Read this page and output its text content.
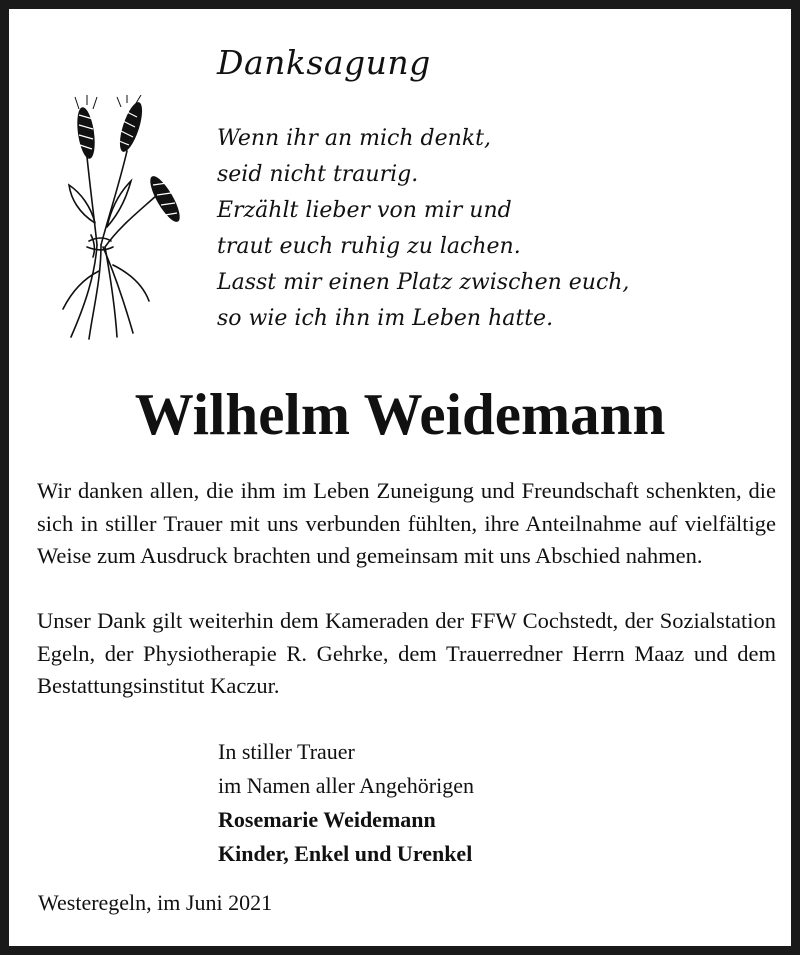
Danksagung
Wenn ihr an mich denkt,
seid nicht traurig.
Erzählt lieber von mir und
traut euch ruhig zu lachen.
Lasst mir einen Platz zwischen euch,
so wie ich ihn im Leben hatte.
Wilhelm Weidemann

Wir danken allen, die ihm im Leben Zuneigung und Freundschaft schenkten, die sich in stiller Trauer mit uns verbunden fühlten, ihre Anteilnahme auf vielfältige Weise zum Ausdruck brachten und gemeinsam mit uns Abschied nahmen.

Unser Dank gilt weiterhin dem Kameraden der FFW Cochstedt, der Sozialstation Egeln, der Physiotherapie R. Gehrke, dem Trauerredner Herrn Maaz und dem Bestattungsinstitut Kaczur.

In stiller Trauer
im Namen aller Angehörigen
Rosemarie Weidemann
Kinder, Enkel und Urenkel
Westeregeln, im Juni 2021
